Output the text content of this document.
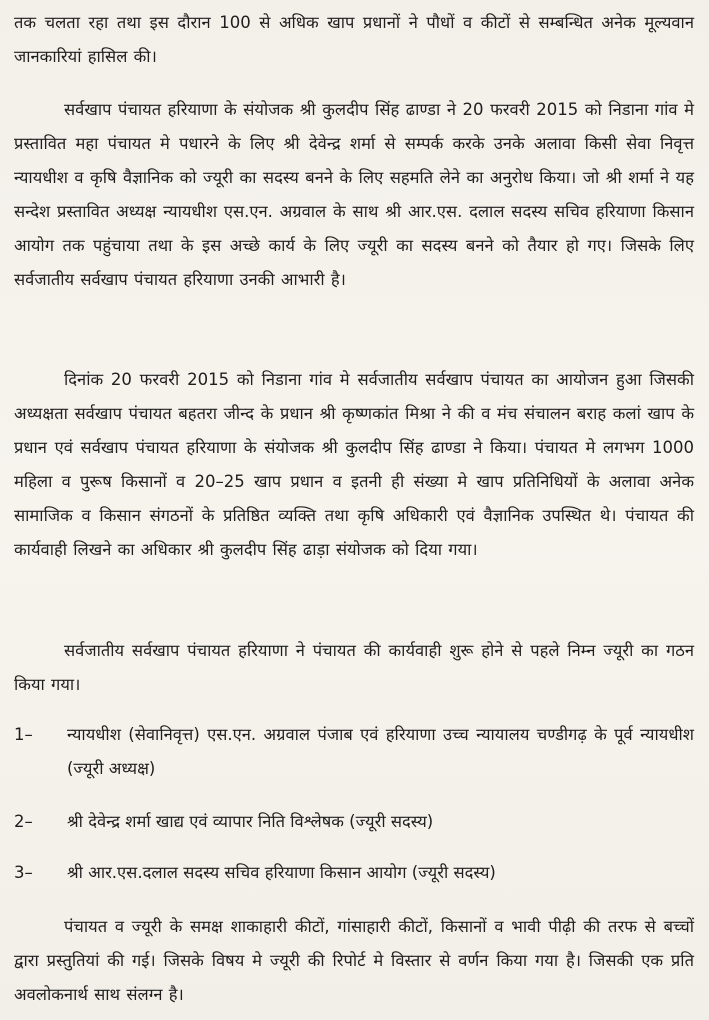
तक चलता रहा तथा इस दौरान 100 से अधिक खाप प्रधानों ने पौधों व कीटों से सम्बन्धित अनेक मूल्यवान जानकारियां हासिल की।

सर्वखाप पंचायत हरियाणा के संयोजक श्री कुलदीप सिंह ढाण्डा ने 20 फरवरी 2015 को निडाना गांव मे प्रस्तावित महा पंचायत मे पधारने के लिए श्री देवेन्द्र शर्मा से सम्पर्क करके उनके अलावा किसी सेवा निवृत्त न्यायधीश व कृषि वैज्ञानिक को ज्यूरी का सदस्य बनने के लिए सहमति लेने का अनुरोध किया। जो श्री शर्मा ने यह सन्देश प्रस्तावित अध्यक्ष न्यायधीश एस.एन. अग्रवाल के साथ श्री आर.एस. दलाल सदस्य सचिव हरियाणा किसान आयोग तक पहुंचाया तथा के इस अच्छे कार्य के लिए ज्यूरी का सदस्य बनने को तैयार हो गए। जिसके लिए सर्वजातीय सर्वखाप पंचायत हरियाणा उनकी आभारी है।

दिनांक 20 फरवरी 2015 को निडाना गांव मे सर्वजातीय सर्वखाप पंचायत का आयोजन हुआ जिसकी अध्यक्षता सर्वखाप पंचायत बहतरा जीन्द के प्रधान श्री कृष्णकांत मिश्रा ने की व मंच संचालन बराह कलां खाप के प्रधान एवं सर्वखाप पंचायत हरियाणा के संयोजक श्री कुलदीप सिंह ढाण्डा ने किया। पंचायत मे लगभग 1000 महिला व पुरूष किसानों व 20–25 खाप प्रधान व इतनी ही संख्या मे खाप प्रतिनिधियों के अलावा अनेक सामाजिक व किसान संगठनों के प्रतिष्ठित व्यक्ति तथा कृषि अधिकारी एवं वैज्ञानिक उपस्थित थे। पंचायत की कार्यवाही लिखने का अधिकार श्री कुलदीप सिंह ढाड़ा संयोजक को दिया गया।

सर्वजातीय सर्वखाप पंचायत हरियाणा ने पंचायत की कार्यवाही शुरू होने से पहले निम्न ज्यूरी का गठन किया गया।

1–	न्यायधीश (सेवानिवृत्त) एस.एन. अग्रवाल पंजाब एवं हरियाणा उच्च न्यायालय चण्डीगढ़ के पूर्व न्यायधीश (ज्यूरी अध्यक्ष)
2–	श्री देवेन्द्र शर्मा खाद्य एवं व्यापार निति विश्लेषक (ज्यूरी सदस्य)
3–	श्री आर.एस.दलाल सदस्य सचिव हरियाणा किसान आयोग (ज्यूरी सदस्य)

पंचायत व ज्यूरी के समक्ष शाकाहारी कीटों, गांसाहारी कीटों, किसानों व भावी पीढ़ी की तरफ से बच्चों द्वारा प्रस्तुतियां की गई। जिसके विषय मे ज्यूरी की रिपोर्ट मे विस्तार से वर्णन किया गया है। जिसकी एक प्रति अवलोकनार्थ साथ संलग्न है।
